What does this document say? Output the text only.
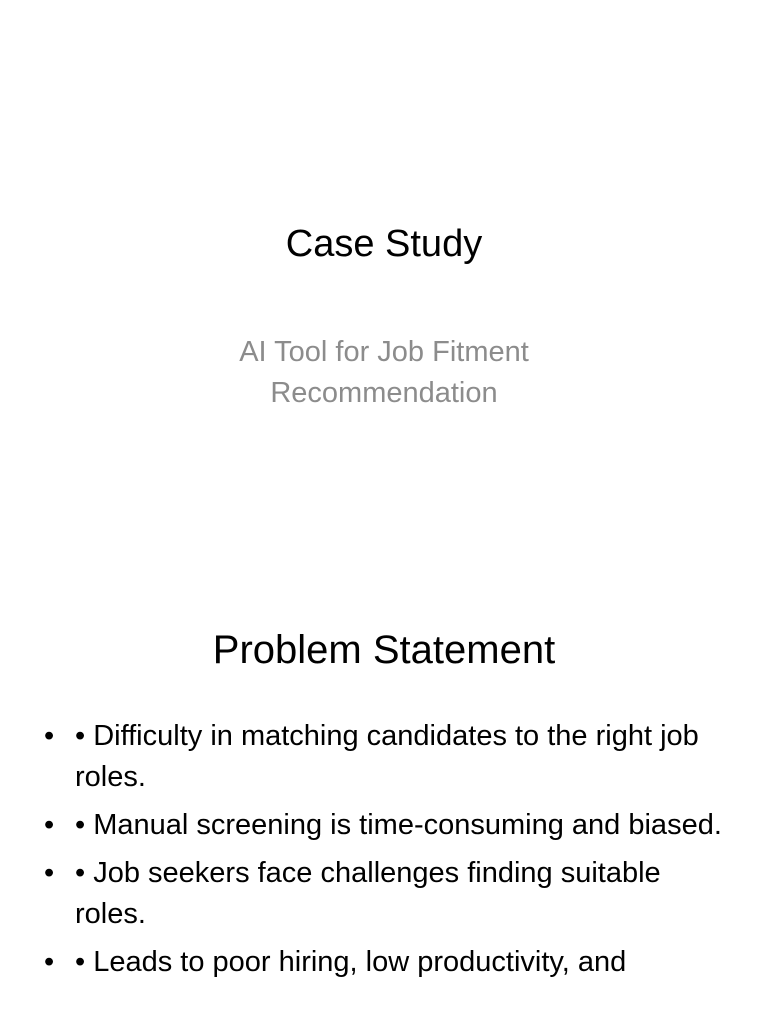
Case Study

AI Tool for Job Fitment Recommendation

Problem Statement
• • Difficulty in matching candidates to the right job roles.
• • Manual screening is time-consuming and biased.
• • Job seekers face challenges finding suitable roles.
• • Leads to poor hiring, low productivity, and
